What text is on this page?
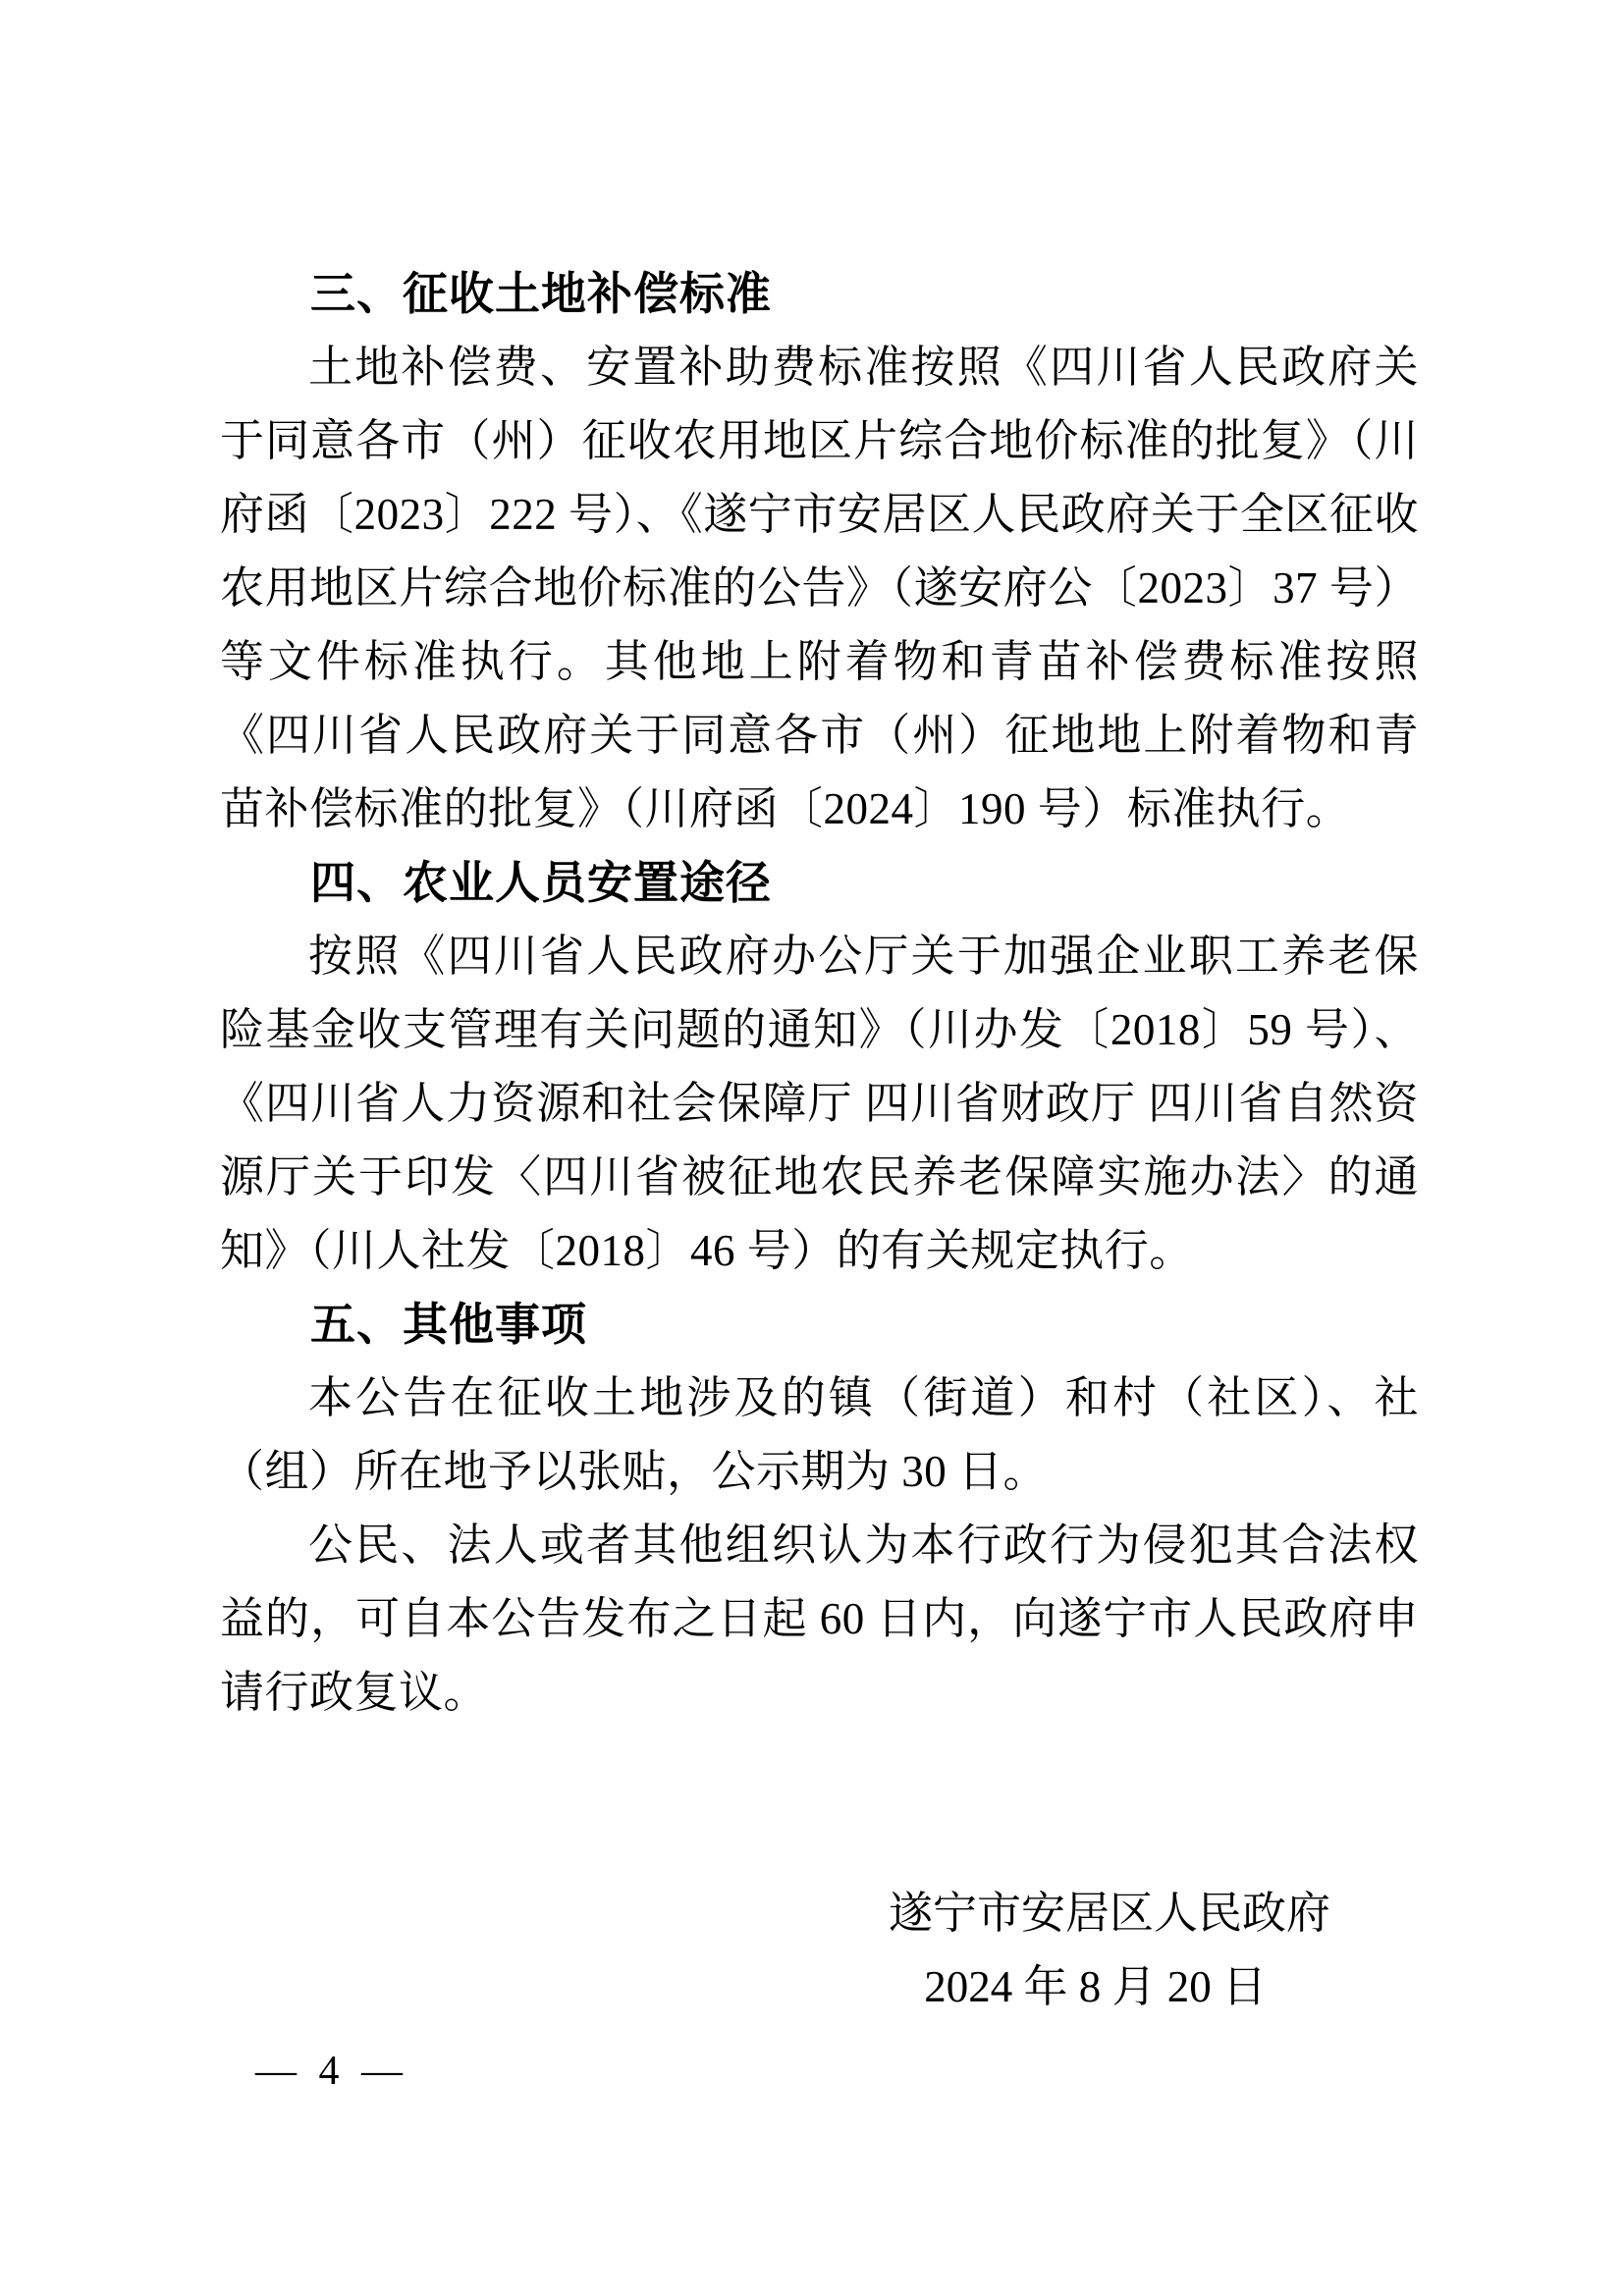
三、征收土地补偿标准

土地补偿费、安置补助费标准按照《四川省人民政府关于同意各市（州）征收农用地区片综合地价标准的批复》（川府函〔2023〕222 号）、《遂宁市安居区人民政府关于全区征收农用地区片综合地价标准的公告》（遂安府公〔2023〕37 号）等文件标准执行。其他地上附着物和青苗补偿费标准按照《四川省人民政府关于同意各市（州）征地地上附着物和青苗补偿标准的批复》（川府函〔2024〕190 号）标准执行。

四、农业人员安置途径

按照《四川省人民政府办公厅关于加强企业职工养老保险基金收支管理有关问题的通知》（川办发〔2018〕59 号）、《四川省人力资源和社会保障厅 四川省财政厅 四川省自然资源厅关于印发〈四川省被征地农民养老保障实施办法〉的通知》（川人社发〔2018〕46 号）的有关规定执行。

五、其他事项

本公告在征收土地涉及的镇（街道）和村（社区）、社（组）所在地予以张贴，公示期为 30 日。

公民、法人或者其他组织认为本行政行为侵犯其合法权益的，可自本公告发布之日起 60 日内，向遂宁市人民政府申请行政复议。

遂宁市安居区人民政府
2024 年 8 月 20 日
— 4 —
